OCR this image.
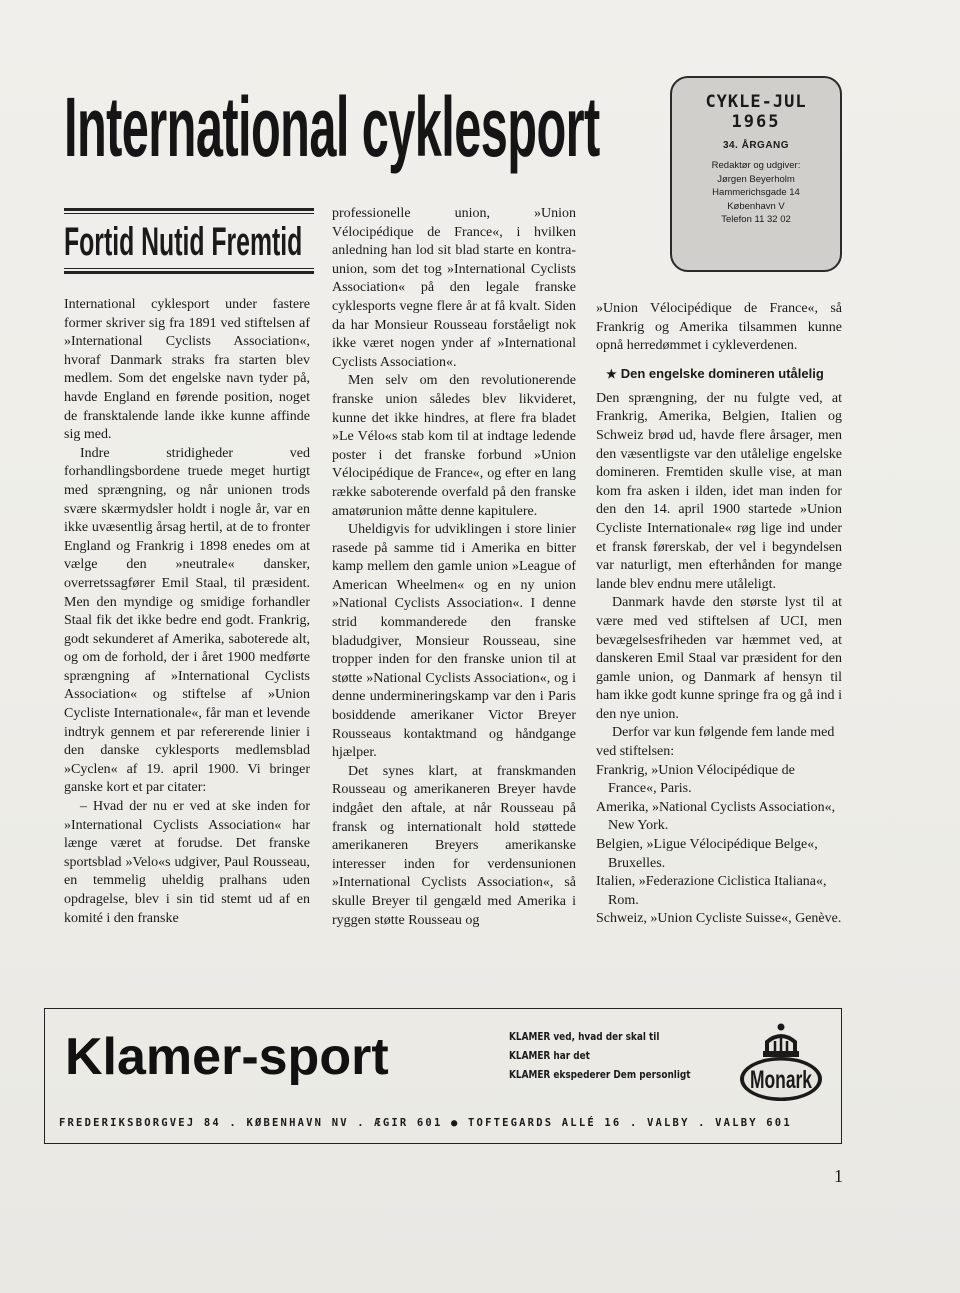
International cyklesport	CYKLE-JUL
1965
34. ÅRGANG
Redaktør og udgiver:
Jørgen Beyerholm
Hammerichsgade 14
København V
Telefon 11 32 02
Fortid Nutid Fremtid

International cyklesport under fastere former skriver sig fra 1891 ved stiftelsen af »International Cyclists Association«, hvoraf Danmark straks fra starten blev medlem. Som det engelske navn tyder på, havde England en førende position, noget de fransktalende lande ikke kunne affinde sig med.

Indre stridigheder ved forhandlingsbordene truede meget hurtigt med sprængning, og når unionen trods svære skærmydsler holdt i nogle år, var en ikke uvæsentlig årsag hertil, at de to fronter England og Frankrig i 1898 enedes om at vælge den »neutrale« dansker, overretssagfører Emil Staal, til præsident. Men den myndige og smidige forhandler Staal fik det ikke bedre end godt. Frankrig, godt sekunderet af Amerika, saboterede alt, og om de forhold, der i året 1900 medførte sprængning af »International Cyclists Association« og stiftelse af »Union Cycliste Internationale«, får man et levende indtryk gennem et par refererende linier i den danske cyklesports medlemsblad »Cyclen« af 19. april 1900. Vi bringer ganske kort et par citater:

– Hvad der nu er ved at ske inden for »International Cyclists Association« har længe været at forudse. Det franske sportsblad »Velo«s udgiver, Paul Rousseau, en temmelig uheldig pralhans uden opdragelse, blev i sin tid stemt ud af en komité i den franske

professionelle union, »Union Vélocipédique de France«, i hvilken anledning han lod sit blad starte en kontra-union, som det tog »International Cyclists Association« på den legale franske cyklesports vegne flere år at få kvalt. Siden da har Monsieur Rousseau forståeligt nok ikke været nogen ynder af »International Cyclists Association«.

Men selv om den revolutionerende franske union således blev likvideret, kunne det ikke hindres, at flere fra bladet »Le Vélo«s stab kom til at indtage ledende poster i det franske forbund »Union Vélocipédique de France«, og efter en lang række saboterende overfald på den franske amatørunion måtte denne kapitulere.

Uheldigvis for udviklingen i store linier rasede på samme tid i Amerika en bitter kamp mellem den gamle union »League of American Wheelmen« og en ny union »National Cyclists Association«. I denne strid kommanderede den franske bladudgiver, Monsieur Rousseau, sine tropper inden for den franske union til at støtte »National Cyclists Association«, og i denne undermineringskamp var den i Paris bosiddende amerikaner Victor Breyer Rousseaus kontaktmand og håndgange hjælper.

Det synes klart, at franskmanden Rousseau og amerikaneren Breyer havde indgået den aftale, at når Rousseau på fransk og internationalt hold støttede amerikaneren Breyers amerikanske interesser inden for verdensunionen »International Cyclists Association«, så skulle Breyer til gengæld med Amerika i ryggen støtte Rousseau og

»Union Vélocipédique de France«, så Frankrig og Amerika tilsammen kunne opnå herredømmet i cykleverdenen.

★ Den engelske domineren utålelig

Den sprængning, der nu fulgte ved, at Frankrig, Amerika, Belgien, Italien og Schweiz brød ud, havde flere årsager, men den væsentligste var den utålelige engelske domineren. Fremtiden skulle vise, at man kom fra asken i ilden, idet man inden for den den 14. april 1900 startede »Union Cycliste Internationale« røg lige ind under et fransk førerskab, der vel i begyndelsen var naturligt, men efterhånden for mange lande blev endnu mere utåleligt.

Danmark havde den største lyst til at være med ved stiftelsen af UCI, men bevægelsesfriheden var hæmmet ved, at danskeren Emil Staal var præsident for den gamle union, og Danmark af hensyn til ham ikke godt kunne springe fra og gå ind i den nye union.

Derfor var kun følgende fem lande med ved stiftelsen:

Frankrig, »Union Vélocipédique de France«, Paris.

Amerika, »National Cyclists Association«, New York.

Belgien, »Ligue Vélocipédique Belge«, Bruxelles.

Italien, »Federazione Ciclistica Italiana«, Rom.

Schweiz, »Union Cycliste Suisse«, Genève.

Klamer-sport	KLAMER ved, hvad der skal til
KLAMER har det
KLAMER ekspederer Dem personligt	Monark
FREDERIKSBORGVEJ 84 . KØBENHAVN NV . ÆGIR 601 ● TOFTEGARDS ALLÉ 16 . VALBY . VALBY 601
1
